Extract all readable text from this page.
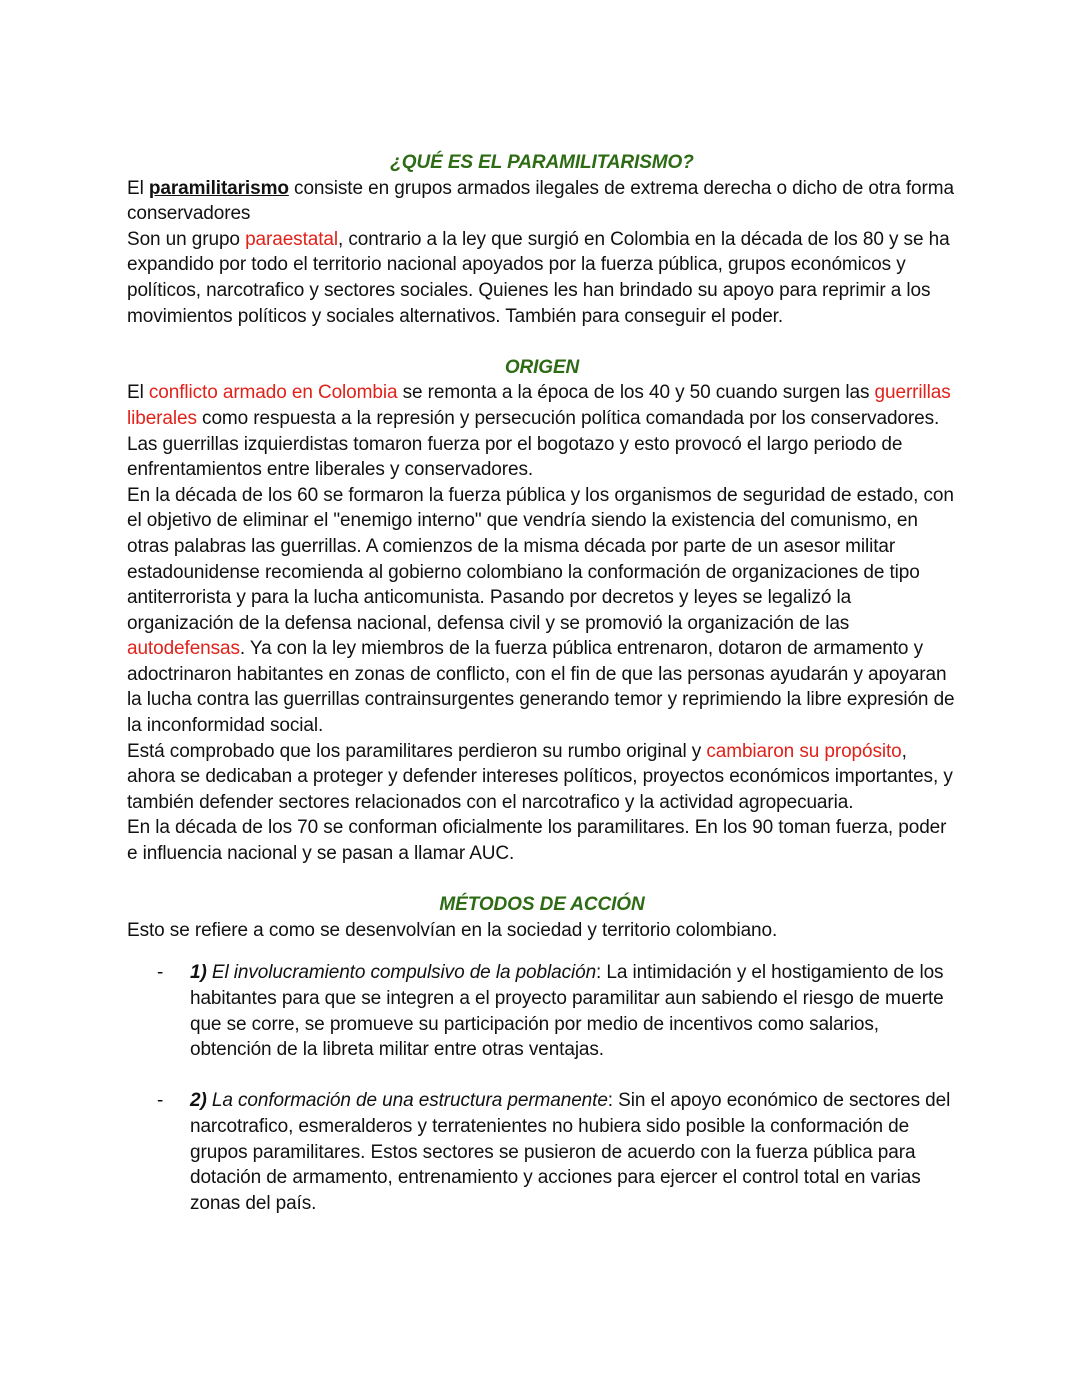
¿QUÉ ES EL PARAMILITARISMO?

El paramilitarismo consiste en grupos armados ilegales de extrema derecha o dicho de otra forma conservadores

Son un grupo paraestatal, contrario a la ley que surgió en Colombia en la década de los 80 y se ha expandido por todo el territorio nacional apoyados por la fuerza pública, grupos económicos y políticos, narcotrafico y sectores sociales. Quienes les han brindado su apoyo para reprimir a los movimientos políticos y sociales alternativos. También para conseguir el poder.

ORIGEN

El conflicto armado en Colombia se remonta a la época de los 40 y 50 cuando surgen las guerrillas liberales como respuesta a la represión y persecución política comandada por los conservadores. Las guerrillas izquierdistas tomaron fuerza por el bogotazo y esto provocó el largo periodo de enfrentamientos entre liberales y conservadores.

En la década de los 60 se formaron la fuerza pública y los organismos de seguridad de estado, con el objetivo de eliminar el "enemigo interno" que vendría siendo la existencia del comunismo, en otras palabras las guerrillas. A comienzos de la misma década por parte de un asesor militar estadounidense recomienda al gobierno colombiano la conformación de organizaciones de tipo antiterrorista y para la lucha anticomunista. Pasando por decretos y leyes se legalizó la organización de la defensa nacional, defensa civil y se promovió la organización de las autodefensas. Ya con la ley miembros de la fuerza pública entrenaron, dotaron de armamento y adoctrinaron habitantes en zonas de conflicto, con el fin de que las personas ayudarán y apoyaran la lucha contra las guerrillas contrainsurgentes generando temor y reprimiendo la libre expresión de la inconformidad social.

Está comprobado que los paramilitares perdieron su rumbo original y cambiaron su propósito, ahora se dedicaban a proteger y defender intereses políticos, proyectos económicos importantes, y también defender sectores relacionados con el narcotrafico y la actividad agropecuaria.

En la década de los 70 se conforman oficialmente los paramilitares. En los 90 toman fuerza, poder e influencia nacional y se pasan a llamar AUC.

MÉTODOS DE ACCIÓN

Esto se refiere a como se desenvolvían en la sociedad y territorio colombiano.

- 1) El involucramiento compulsivo de la población: La intimidación y el hostigamiento de los habitantes para que se integren a el proyecto paramilitar aun sabiendo el riesgo de muerte que se corre, se promueve su participación por medio de incentivos como salarios, obtención de la libreta militar entre otras ventajas.

- 2) La conformación de una estructura permanente: Sin el apoyo económico de sectores del narcotrafico, esmeralderos y terratenientes no hubiera sido posible la conformación de grupos paramilitares. Estos sectores se pusieron de acuerdo con la fuerza pública para dotación de armamento, entrenamiento y acciones para ejercer el control total en varias zonas del país.
